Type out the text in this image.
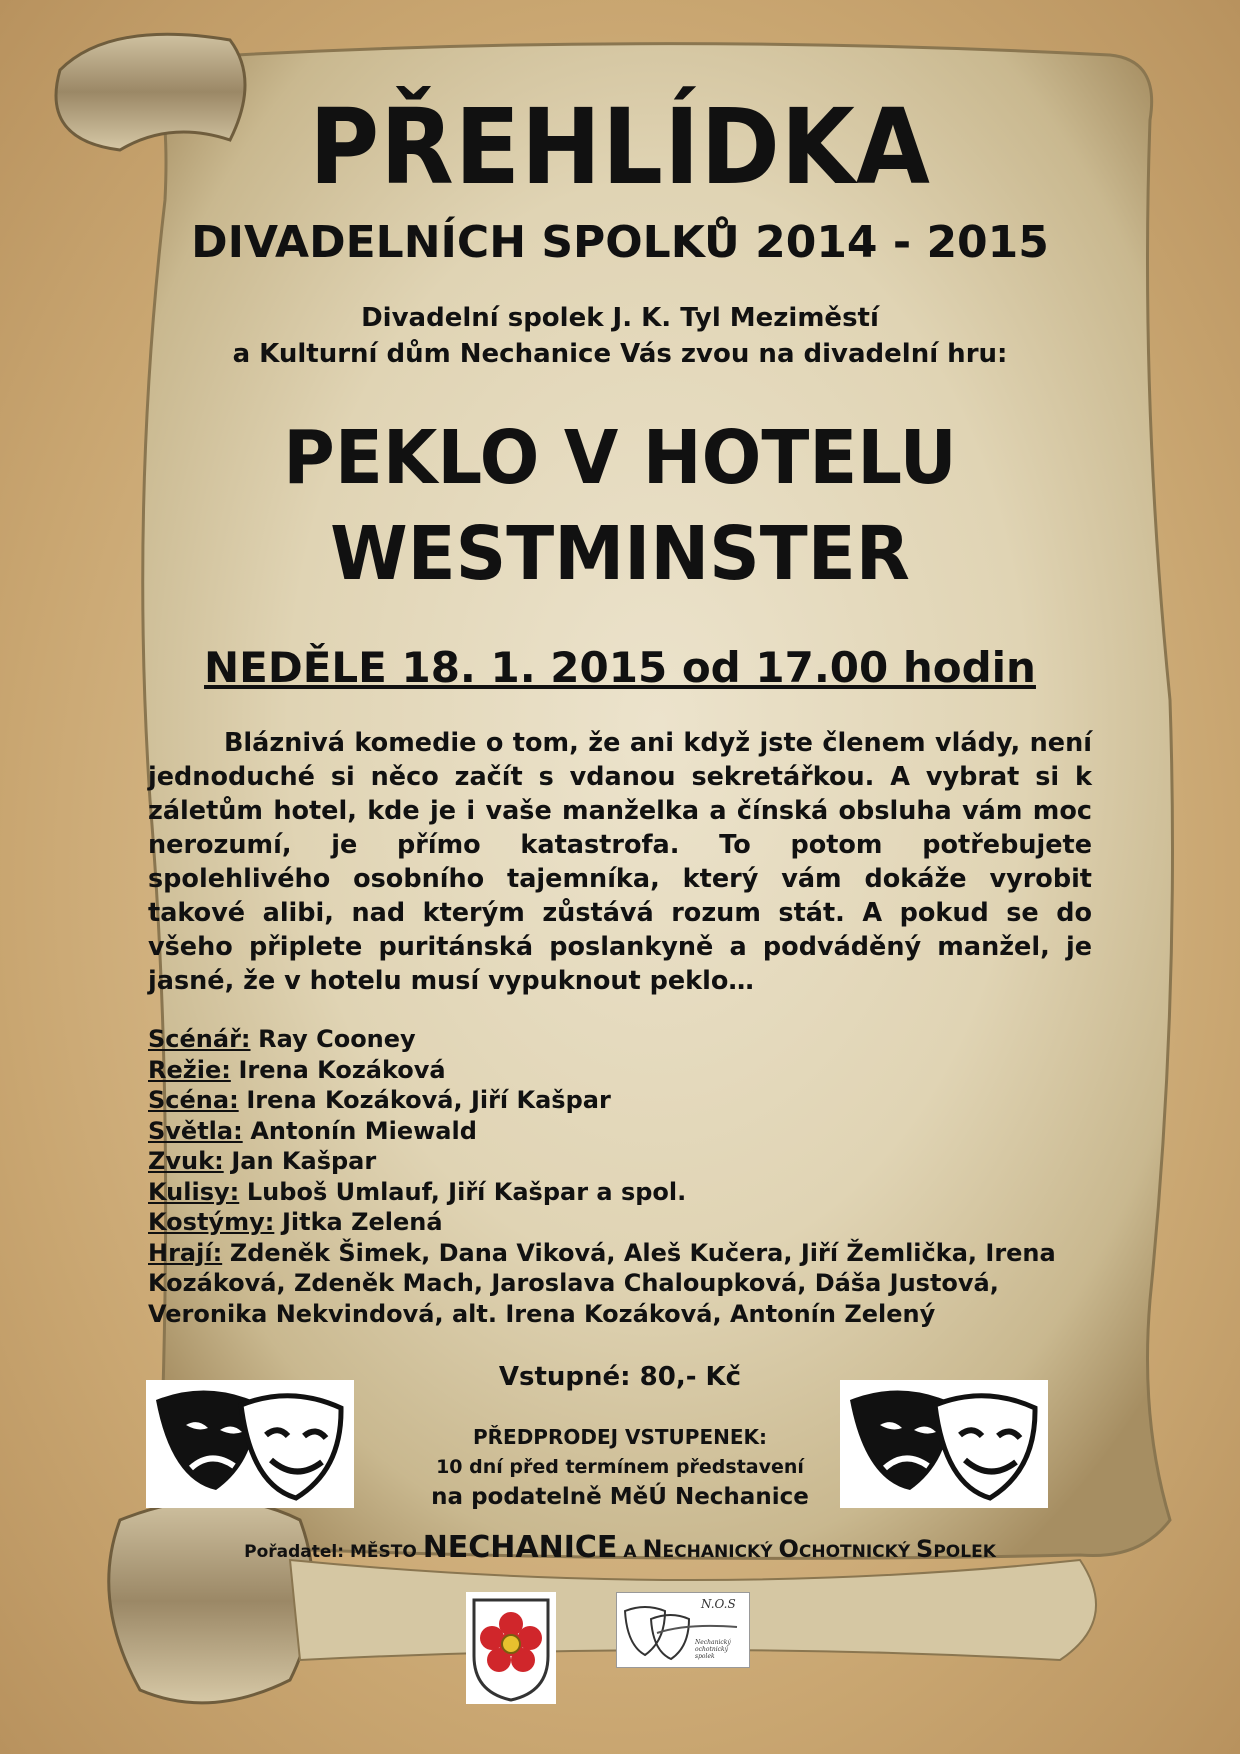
PŘEHLÍDKA
DIVADELNÍCH SPOLKŮ 2014 - 2015
Divadelní spolek J. K. Tyl Meziměstí
a Kulturní dům Nechanice Vás zvou na divadelní hru:
PEKLO V HOTELU
WESTMINSTER
NEDĚLE 18. 1. 2015 od 17.00 hodin
Bláznivá komedie o tom, že ani když jste členem vlády, není jednoduché si něco začít s vdanou sekretářkou. A vybrat si k záletům hotel, kde je i vaše manželka a čínská obsluha vám moc nerozumí, je přímo katastrofa. To potom potřebujete spolehlivého osobního tajemníka, který vám dokáže vyrobit takové alibi, nad kterým zůstává rozum stát. A pokud se do všeho připlete puritánská poslankyně a podváděný manžel, je jasné, že v hotelu musí vypuknout peklo…
Scénář: Ray Cooney
Režie: Irena Kozáková
Scéna: Irena Kozáková, Jiří Kašpar
Světla: Antonín Miewald
Zvuk: Jan Kašpar
Kulisy: Luboš Umlauf, Jiří Kašpar a spol.
Kostýmy: Jitka Zelená
Hrají: Zdeněk Šimek, Dana Viková, Aleš Kučera, Jiří Žemlička, Irena Kozáková, Zdeněk Mach, Jaroslava Chaloupková, Dáša Justová, Veronika Nekvindová, alt. Irena Kozáková, Antonín Zelený
Vstupné: 80,- Kč
PŘEDPRODEJ VSTUPENEK:
10 dní před termínem představení
na podatelně MěÚ Nechanice
Pořadatel: MĚSTO NECHANICE A NECHANICKÝ OCHOTNICKÝ SPOLEK
N.O.S
Nechanický ochotnický spolek
